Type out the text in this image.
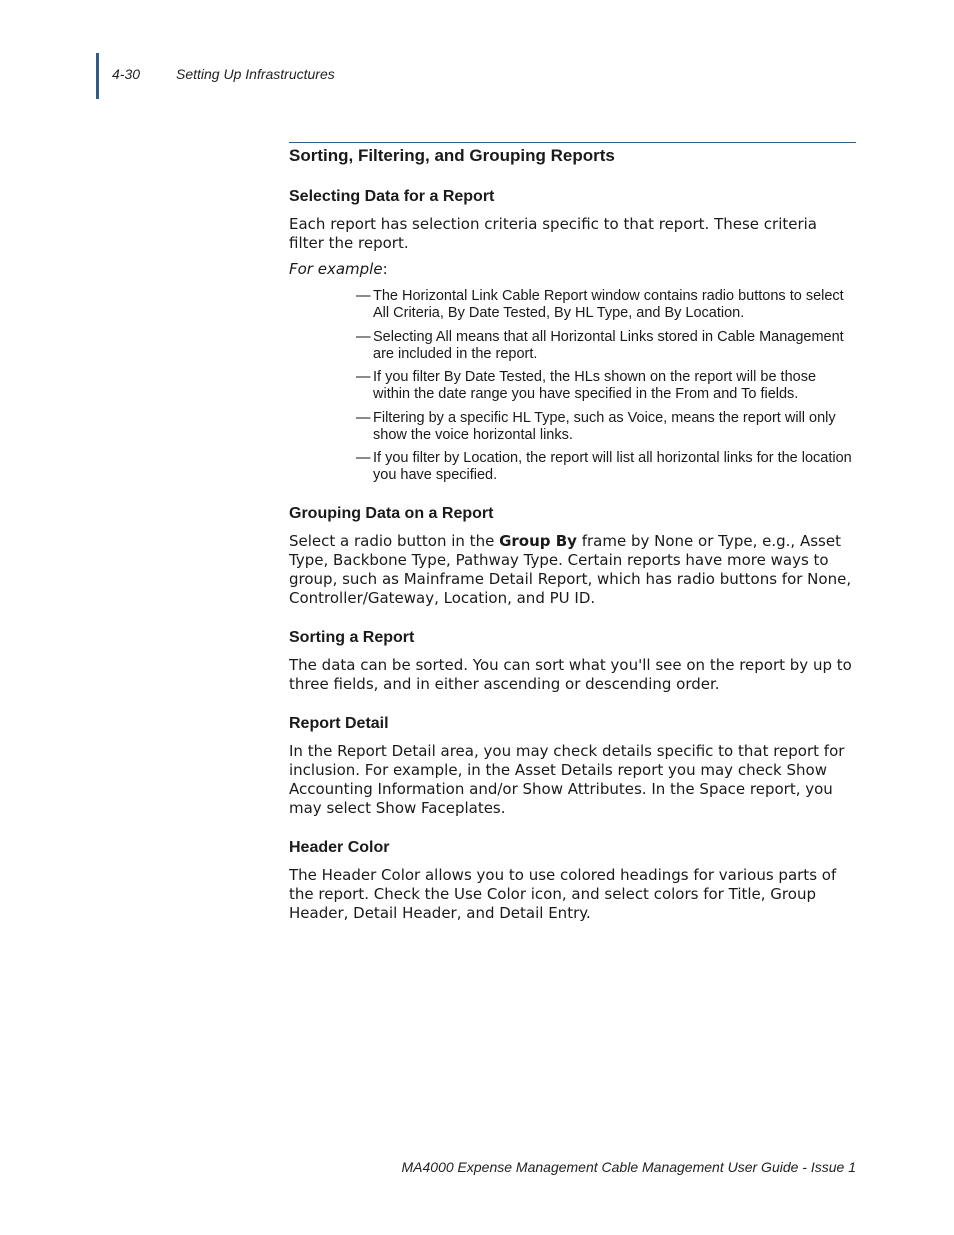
4-30	Setting Up Infrastructures
Sorting, Filtering, and Grouping Reports
Selecting Data for a Report

Each report has selection criteria specific to that report. These criteria filter the report.

For example:

— The Horizontal Link Cable Report window contains radio buttons to select All Criteria, By Date Tested, By HL Type, and By Location.
— Selecting All means that all Horizontal Links stored in Cable Management are included in the report.
— If you filter By Date Tested, the HLs shown on the report will be those within the date range you have specified in the From and To fields.
— Filtering by a specific HL Type, such as Voice, means the report will only show the voice horizontal links.
— If you filter by Location, the report will list all horizontal links for the location you have specified.
Grouping Data on a Report

Select a radio button in the Group By frame by None or Type, e.g., Asset Type, Backbone Type, Pathway Type. Certain reports have more ways to group, such as Mainframe Detail Report, which has radio buttons for None, Controller/Gateway, Location, and PU ID.

Sorting a Report

The data can be sorted. You can sort what you'll see on the report by up to three fields, and in either ascending or descending order.

Report Detail

In the Report Detail area, you may check details specific to that report for inclusion. For example, in the Asset Details report you may check Show Accounting Information and/or Show Attributes. In the Space report, you may select Show Faceplates.

Header Color

The Header Color allows you to use colored headings for various parts of the report. Check the Use Color icon, and select colors for Title, Group Header, Detail Header, and Detail Entry.

MA4000 Expense Management Cable Management User Guide - Issue 1
